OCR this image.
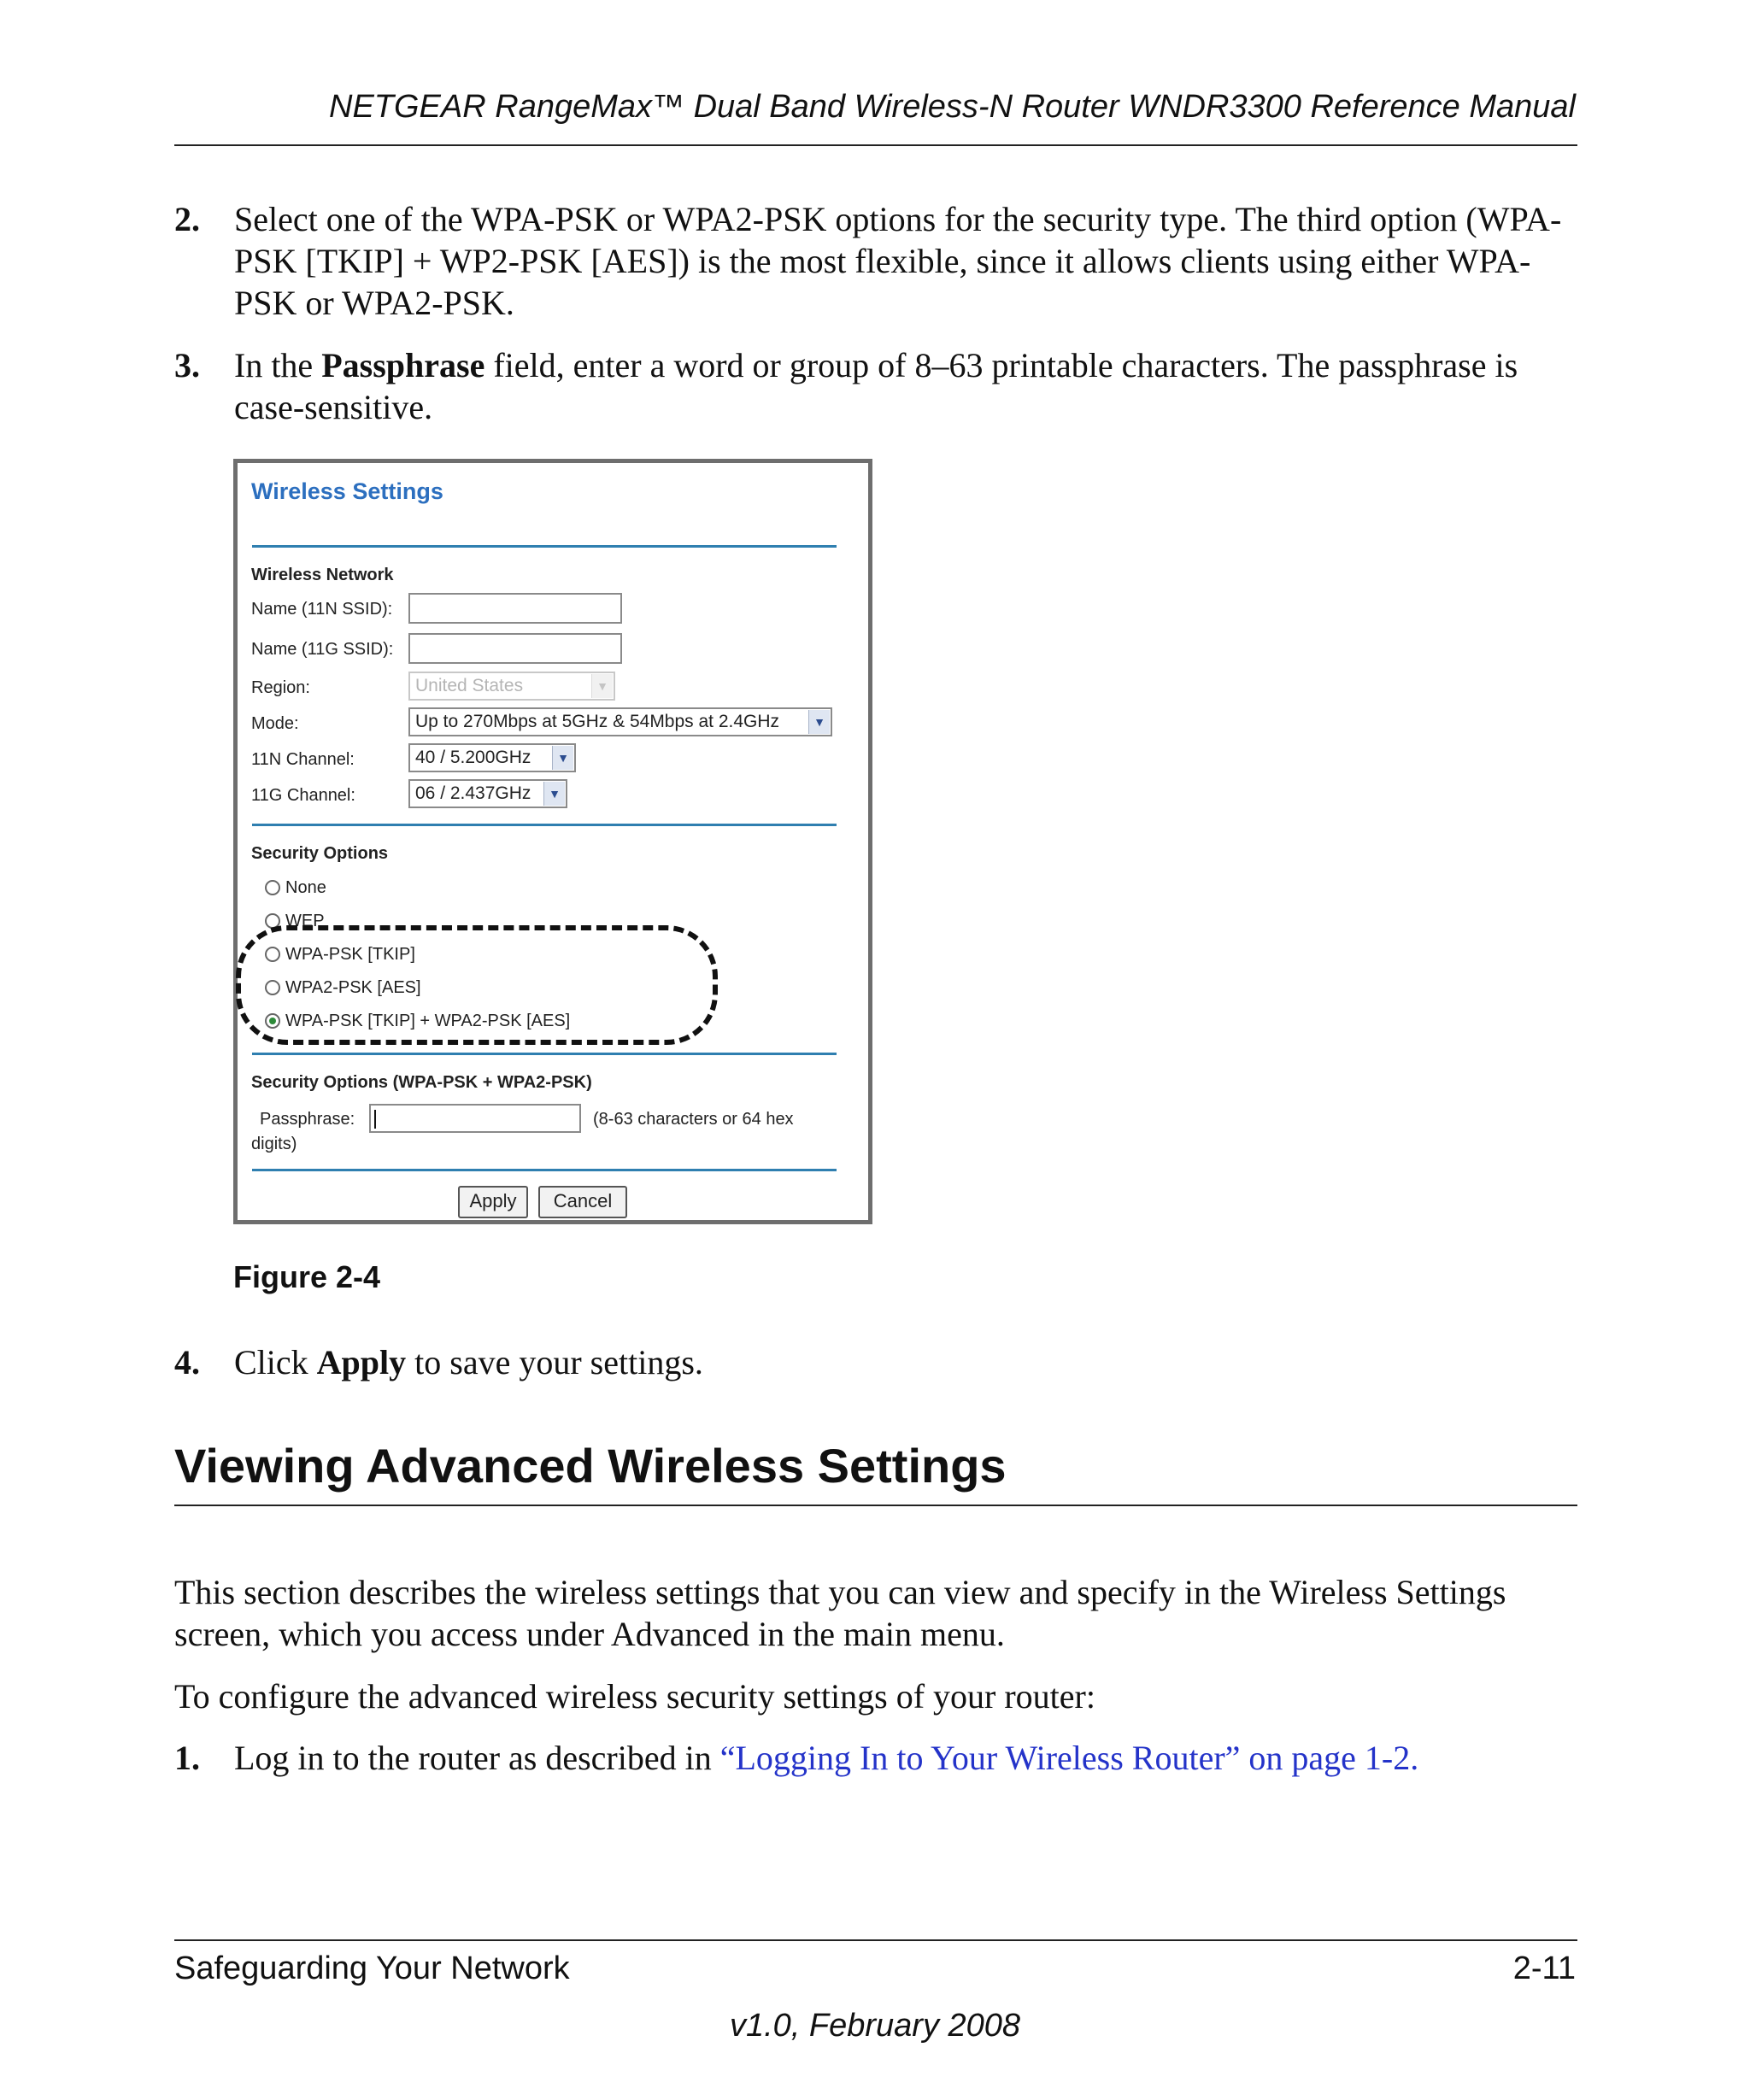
NETGEAR RangeMax™ Dual Band Wireless-N Router WNDR3300 Reference Manual
2. Select one of the WPA-PSK or WPA2-PSK options for the security type. The third option (WPA-PSK [TKIP] + WP2-PSK [AES]) is the most flexible, since it allows clients using either WPA-PSK or WPA2-PSK.
3. In the Passphrase field, enter a word or group of 8–63 printable characters. The passphrase is case-sensitive.
Wireless Settings
Wireless Network
Name (11N SSID):
Name (11G SSID):
Region:	United States	▼
Mode:	Up to 270Mbps at 5GHz & 54Mbps at 2.4GHz	▼
11N Channel:	40 / 5.200GHz	▼
11G Channel:	06 / 2.437GHz	▼
Security Options
None
WEP
WPA-PSK [TKIP]
WPA2-PSK [AES]
WPA-PSK [TKIP] + WPA2-PSK [AES]
Security Options (WPA-PSK + WPA2-PSK)
Passphrase:	(8-63 characters or 64 hex
digits)
Apply	Cancel
Figure 2-4
4. Click Apply to save your settings.
Viewing Advanced Wireless Settings
This section describes the wireless settings that you can view and specify in the Wireless Settings screen, which you access under Advanced in the main menu.
To configure the advanced wireless security settings of your router:
1. Log in to the router as described in “Logging In to Your Wireless Router” on page 1-2.
Safeguarding Your Network	2-11
v1.0, February 2008
